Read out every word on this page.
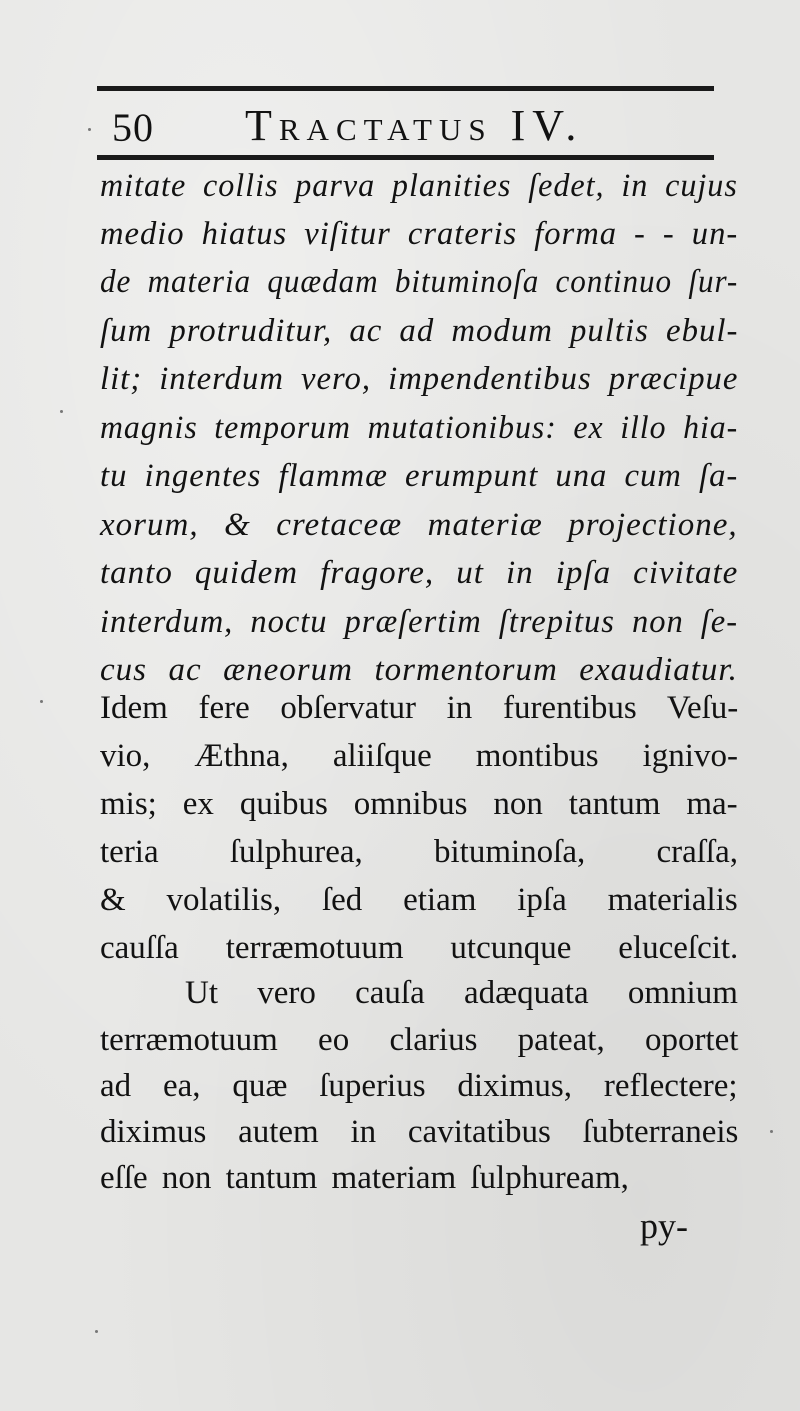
50 Tractatus IV.
mitate collis parva planities ſedet, in cujus
medio hiatus viſitur crateris forma - - un-
de materia quædam bituminoſa continuo ſur-
ſum protruditur, ac ad modum pultis ebul-
lit; interdum vero, impendentibus præcipue
magnis temporum mutationibus: ex illo hia-
tu ingentes flammæ erumpunt una cum ſa-
xorum, & cretaceæ materiæ projectione,
tanto quidem fragore, ut in ipſa civitate
interdum, noctu præſertim ſtrepitus non ſe-
cus ac æneorum tormentorum exaudiatur.
Idem fere obſervatur in furentibus Veſu-
vio, Æthna, aliiſque montibus ignivo-
mis; ex quibus omnibus non tantum ma-
teria ſulphurea, bituminoſa, craſſa,
& volatilis, ſed etiam ipſa materialis
cauſſa terræmotuum utcunque eluceſcit.
Ut vero cauſa adæquata omnium
terræmotuum eo clarius pateat, oportet
ad ea, quæ ſuperius diximus, reflectere;
diximus autem in cavitatibus ſubterraneis
eſſe non tantum materiam ſulphuream,
py-
